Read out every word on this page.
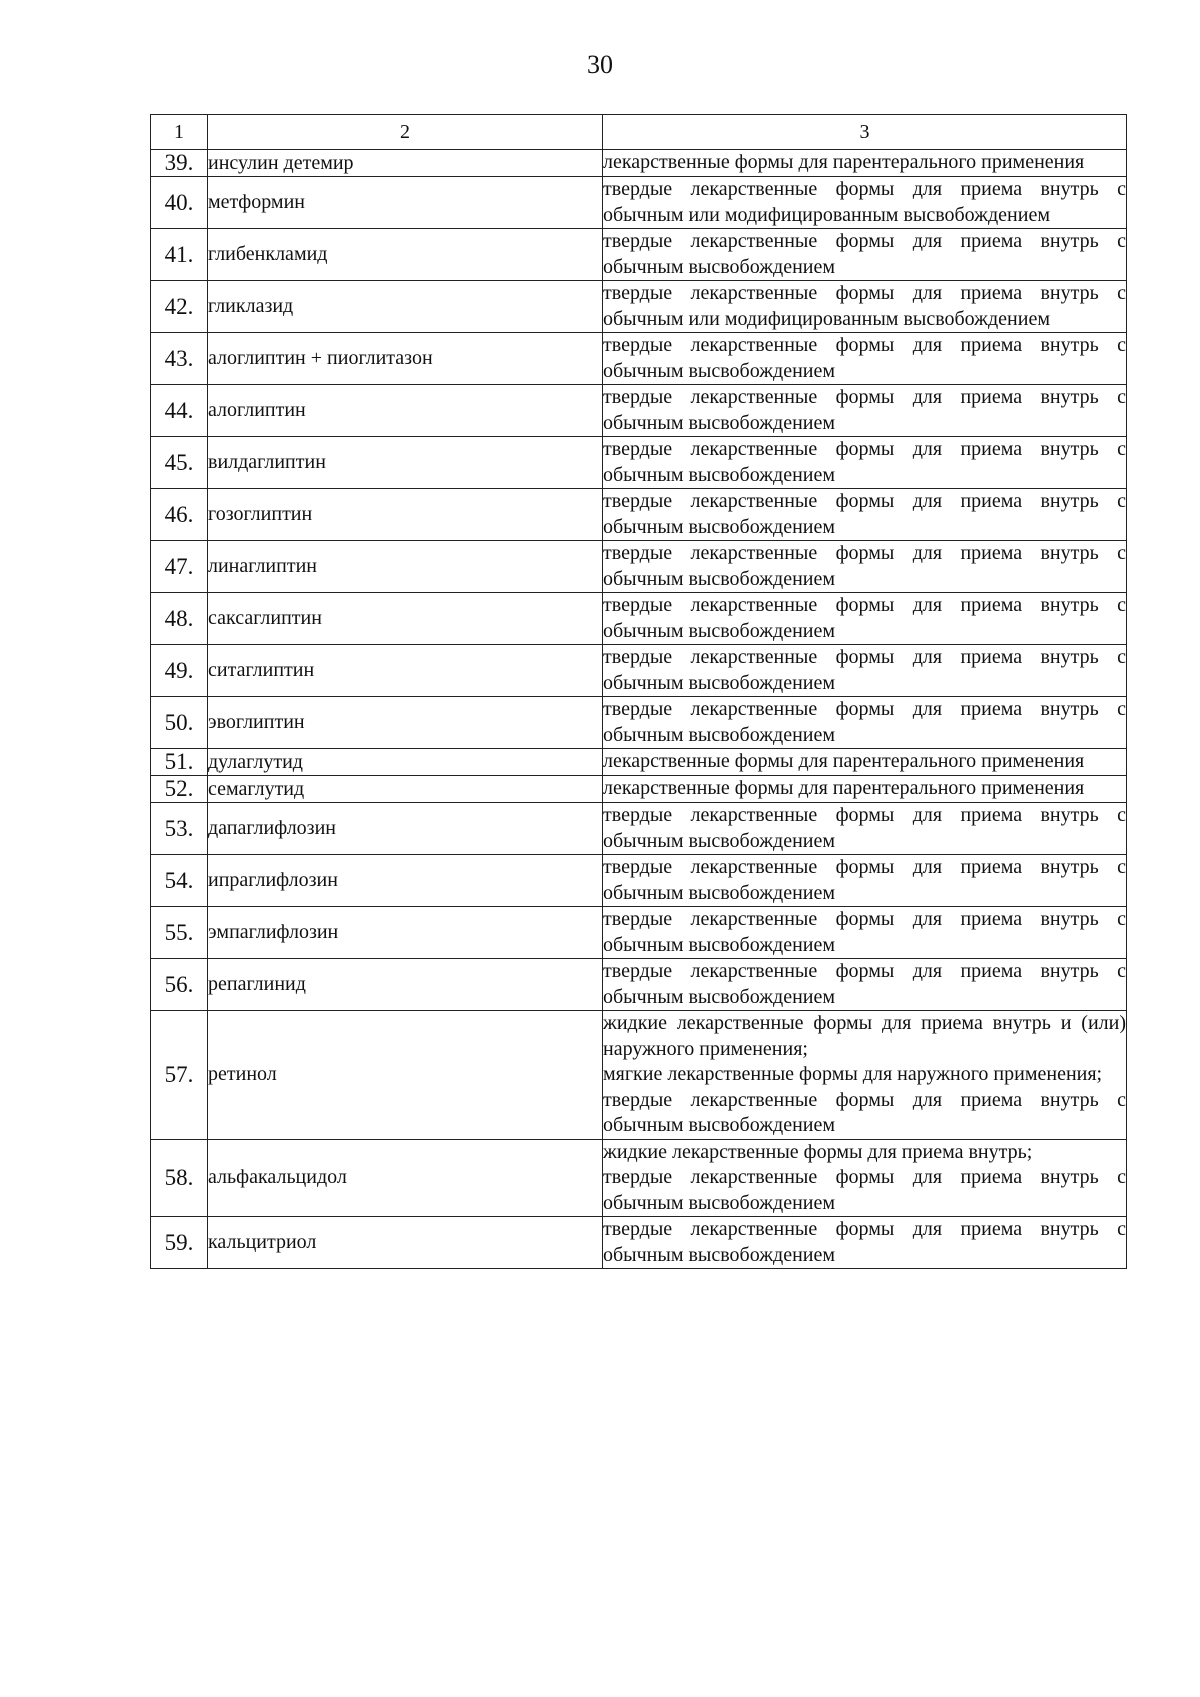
30
1	2	3
39.	инсулин детемир	лекарственные формы для парентерального применения

40.	метформин	твердые лекарственные формы для приема внутрь с обычным или модифицированным высвобождением

41.	глибенкламид	твердые лекарственные формы для приема внутрь с обычным высвобождением

42.	гликлазид	твердые лекарственные формы для приема внутрь с обычным или модифицированным высвобождением

43.	алоглиптин + пиоглитазон	твердые лекарственные формы для приема внутрь с обычным высвобождением

44.	алоглиптин	твердые лекарственные формы для приема внутрь с обычным высвобождением

45.	вилдаглиптин	твердые лекарственные формы для приема внутрь с обычным высвобождением

46.	гозоглиптин	твердые лекарственные формы для приема внутрь с обычным высвобождением

47.	линаглиптин	твердые лекарственные формы для приема внутрь с обычным высвобождением

48.	саксаглиптин	твердые лекарственные формы для приема внутрь с обычным высвобождением

49.	ситаглиптин	твердые лекарственные формы для приема внутрь с обычным высвобождением

50.	эвоглиптин	твердые лекарственные формы для приема внутрь с обычным высвобождением

51.	дулаглутид	лекарственные формы для парентерального применения

52.	семаглутид	лекарственные формы для парентерального применения

53.	дапаглифлозин	твердые лекарственные формы для приема внутрь с обычным высвобождением

54.	ипраглифлозин	твердые лекарственные формы для приема внутрь с обычным высвобождением

55.	эмпаглифлозин	твердые лекарственные формы для приема внутрь с обычным высвобождением

56.	репаглинид	твердые лекарственные формы для приема внутрь с обычным высвобождением

57.	ретинол	жидкие лекарственные формы для приема внутрь и (или) наружного применения;
мягкие лекарственные формы для наружного применения;
твердые лекарственные формы для приема внутрь с обычным высвобождением

58.	альфакальцидол	жидкие лекарственные формы для приема внутрь;
твердые лекарственные формы для приема внутрь с обычным высвобождением

59.	кальцитриол	твердые лекарственные формы для приема внутрь с обычным высвобождением
